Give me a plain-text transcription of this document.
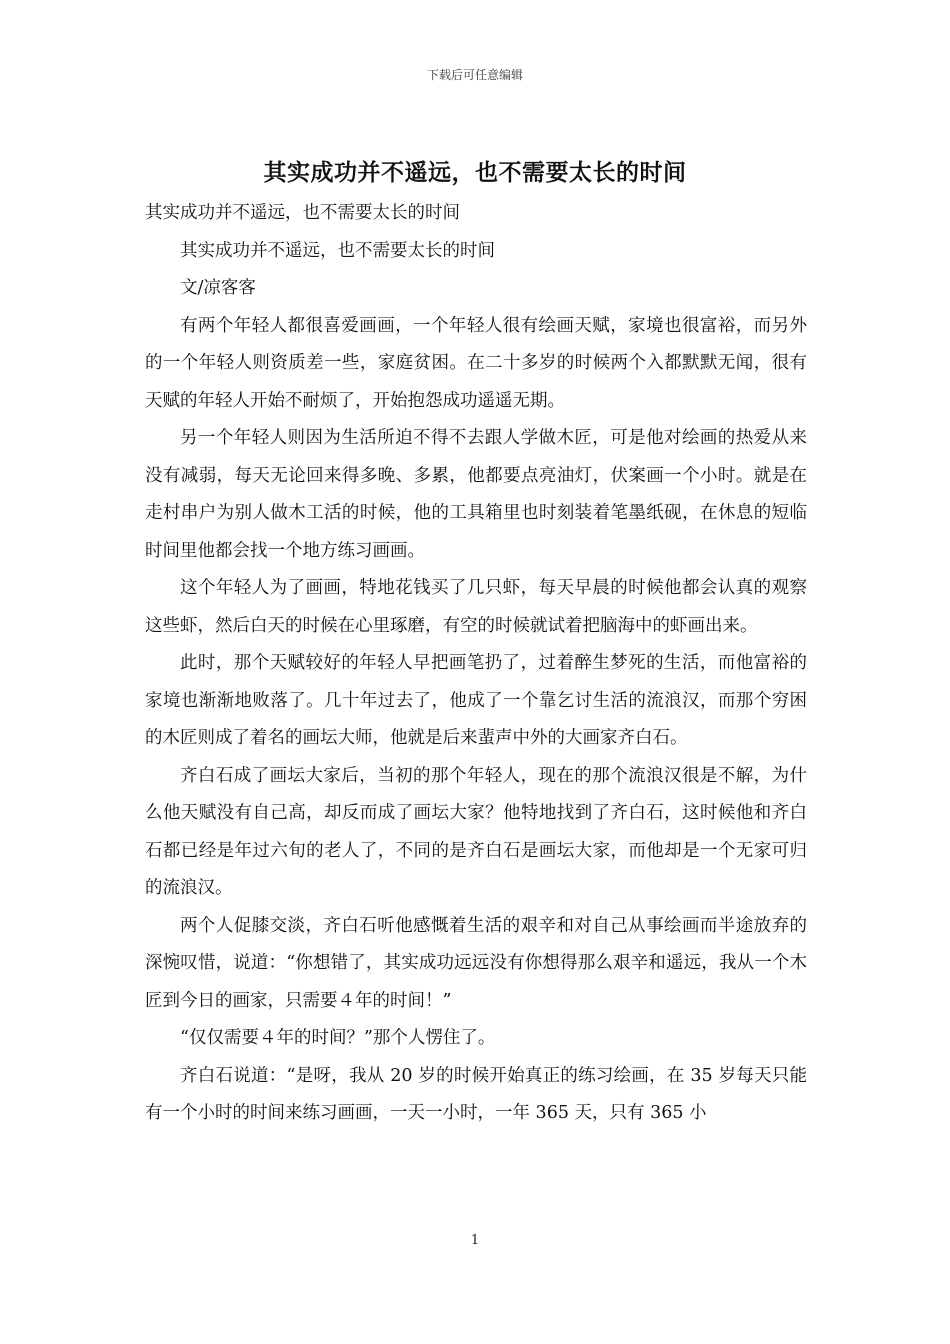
下载后可任意编辑
其实成功并不遥远，也不需要太长的时间

其实成功并不遥远，也不需要太长的时间

其实成功并不遥远，也不需要太长的时间

文/凉客客

有两个年轻人都很喜爱画画，一个年轻人很有绘画天赋，家境也很富裕，而另外的一个年轻人则资质差一些，家庭贫困。在二十多岁的时候两个入都默默无闻，很有天赋的年轻人开始不耐烦了，开始抱怨成功遥遥无期。

另一个年轻人则因为生活所迫不得不去跟人学做木匠，可是他对绘画的热爱从来没有减弱，每天无论回来得多晚、多累，他都要点亮油灯，伏案画一个小时。就是在走村串户为别人做木工活的时候，他的工具箱里也时刻装着笔墨纸砚，在休息的短临时间里他都会找一个地方练习画画。

这个年轻人为了画画，特地花钱买了几只虾，每天早晨的时候他都会认真的观察这些虾，然后白天的时候在心里琢磨，有空的时候就试着把脑海中的虾画出来。

此时，那个天赋较好的年轻人早把画笔扔了，过着醉生梦死的生活，而他富裕的家境也渐渐地败落了。几十年过去了，他成了一个靠乞讨生活的流浪汉，而那个穷困的木匠则成了着名的画坛大师，他就是后来蜚声中外的大画家齐白石。

齐白石成了画坛大家后，当初的那个年轻人，现在的那个流浪汉很是不解，为什么他天赋没有自己高，却反而成了画坛大家？他特地找到了齐白石，这时候他和齐白石都已经是年过六旬的老人了，不同的是齐白石是画坛大家，而他却是一个无家可归的流浪汉。

两个人促膝交淡，齐白石听他感慨着生活的艰辛和对自己从事绘画而半途放弃的深惋叹惜，说道：“你想错了，其实成功远远没有你想得那么艰辛和遥远，我从一个木匠到今日的画家，只需要４年的时间！”

“仅仅需要４年的时间？”那个人愣住了。

齐白石说道：“是呀，我从 20 岁的时候开始真正的练习绘画，在 35 岁每天只能有一个小时的时间来练习画画，一天一小时，一年 365 天，只有 365 小

1
